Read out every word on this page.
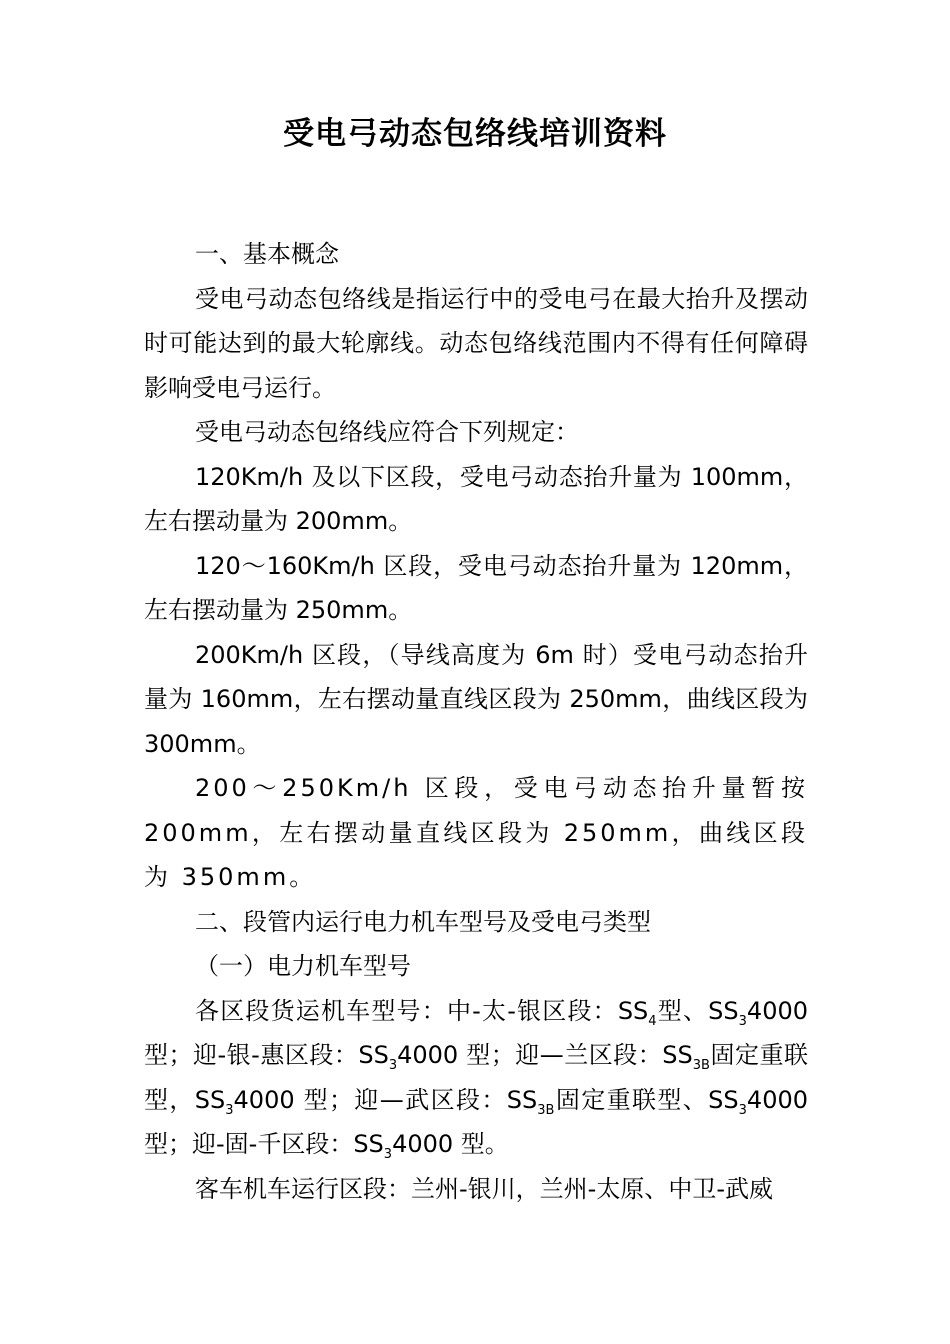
受电弓动态包络线培训资料

一、基本概念

受电弓动态包络线是指运行中的受电弓在最大抬升及摆动时可能达到的最大轮廓线。动态包络线范围内不得有任何障碍影响受电弓运行。

受电弓动态包络线应符合下列规定：

120Km/h 及以下区段，受电弓动态抬升量为 100mm，左右摆动量为 200mm。

120～160Km/h 区段，受电弓动态抬升量为 120mm，左右摆动量为 250mm。

200Km/h 区段，（导线高度为 6m 时）受电弓动态抬升量为 160mm，左右摆动量直线区段为 250mm，曲线区段为 300mm。

200～250Km/h 区段，受电弓动态抬升量暂按 200mm，左右摆动量直线区段为 250mm，曲线区段为 350mm。

二、段管内运行电力机车型号及受电弓类型

（一）电力机车型号

各区段货运机车型号：中-太-银区段：$SS_4$型、$SS_34000$ 型；迎-银-惠区段：$SS_34000$ 型；迎—兰区段：$SS_{3B}$固定重联型，$SS_34000$ 型；迎—武区段：$SS_{3B}$固定重联型、$SS_34000$ 型；迎-固-千区段：$SS_34000$ 型。

客车机车运行区段：兰州-银川，兰州-太原、中卫-武威
